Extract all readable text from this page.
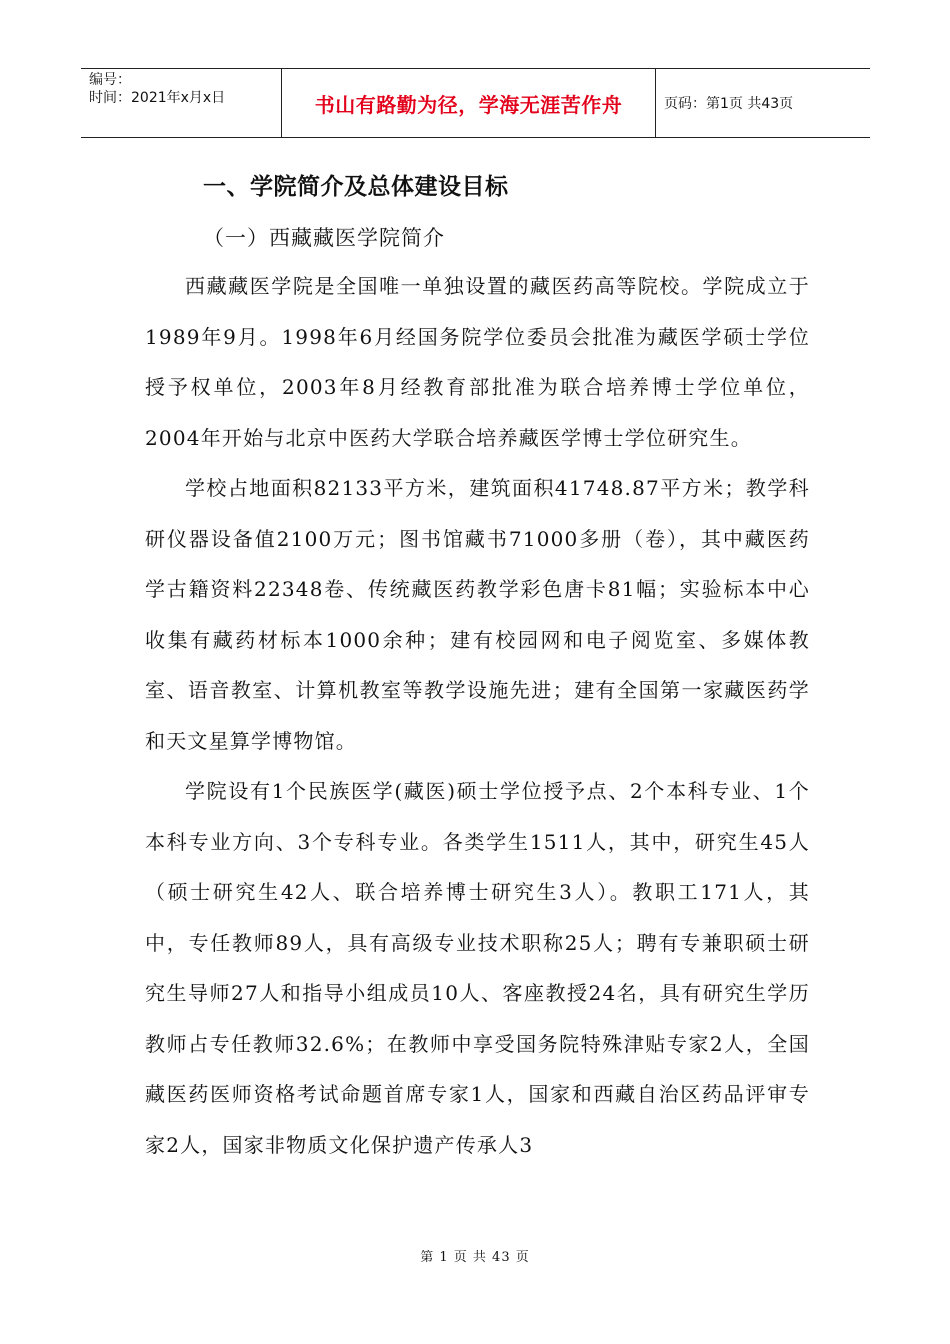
编号：
时间：2021年x月x日	书山有路勤为径，学海无涯苦作舟	页码：第1页 共43页
一、学院简介及总体建设目标
（一）西藏藏医学院简介

西藏藏医学院是全国唯一单独设置的藏医药高等院校。学院成立于1989年9月。1998年6月经国务院学位委员会批准为藏医学硕士学位授予权单位，2003年8月经教育部批准为联合培养博士学位单位，2004年开始与北京中医药大学联合培养藏医学博士学位研究生。

学校占地面积82133平方米，建筑面积41748.87平方米；教学科研仪器设备值2100万元；图书馆藏书71000多册（卷），其中藏医药学古籍资料22348卷、传统藏医药教学彩色唐卡81幅；实验标本中心收集有藏药材标本1000余种；建有校园网和电子阅览室、多媒体教室、语音教室、计算机教室等教学设施先进；建有全国第一家藏医药学和天文星算学博物馆。

学院设有1个民族医学(藏医)硕士学位授予点、2个本科专业、1个本科专业方向、3个专科专业。各类学生1511人，其中，研究生45人（硕士研究生42人、联合培养博士研究生3人）。教职工171人，其中，专任教师89人，具有高级专业技术职称25人；聘有专兼职硕士研究生导师27人和指导小组成员10人、客座教授24名，具有研究生学历教师占专任教师32.6%；在教师中享受国务院特殊津贴专家2人，全国藏医药医师资格考试命题首席专家1人，国家和西藏自治区药品评审专家2人，国家非物质文化保护遗产传承人3

第 1 页 共 43 页
